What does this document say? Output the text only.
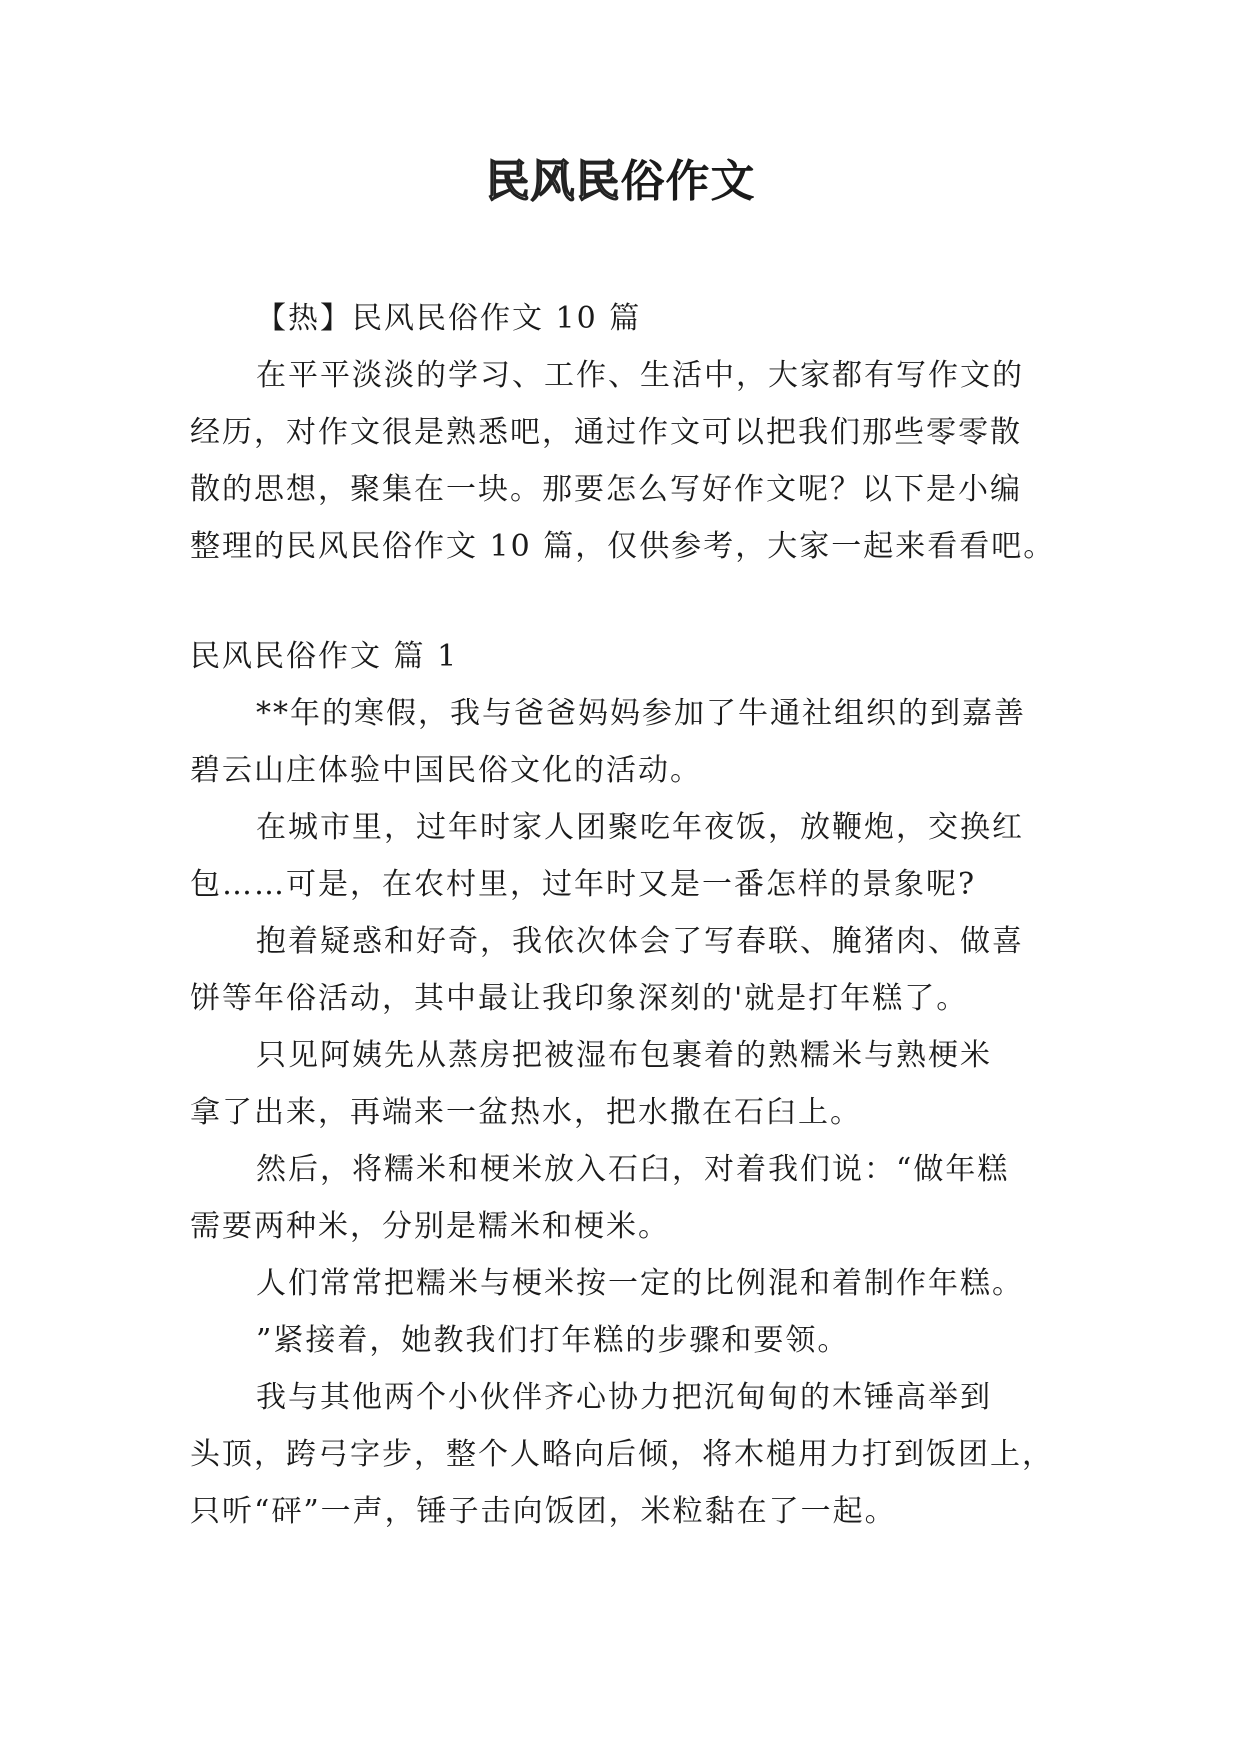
民风民俗作文

【热】民风民俗作文 10 篇

在平平淡淡的学习、工作、生活中，大家都有写作文的

经历，对作文很是熟悉吧，通过作文可以把我们那些零零散

散的思想，聚集在一块。那要怎么写好作文呢？以下是小编

整理的民风民俗作文 10 篇，仅供参考，大家一起来看看吧。

民风民俗作文 篇 1

**年的寒假，我与爸爸妈妈参加了牛通社组织的到嘉善

碧云山庄体验中国民俗文化的活动。

在城市里，过年时家人团聚吃年夜饭，放鞭炮，交换红

包……可是，在农村里，过年时又是一番怎样的景象呢?

抱着疑惑和好奇，我依次体会了写春联、腌猪肉、做喜

饼等年俗活动，其中最让我印象深刻的'就是打年糕了。

只见阿姨先从蒸房把被湿布包裹着的熟糯米与熟梗米

拿了出来，再端来一盆热水，把水撒在石臼上。

然后，将糯米和梗米放入石臼，对着我们说：“做年糕

需要两种米，分别是糯米和梗米。

人们常常把糯米与梗米按一定的比例混和着制作年糕。

”紧接着，她教我们打年糕的步骤和要领。

我与其他两个小伙伴齐心协力把沉甸甸的木锤高举到

头顶，跨弓字步，整个人略向后倾，将木槌用力打到饭团上，

只听“砰”一声，锤子击向饭团，米粒黏在了一起。
